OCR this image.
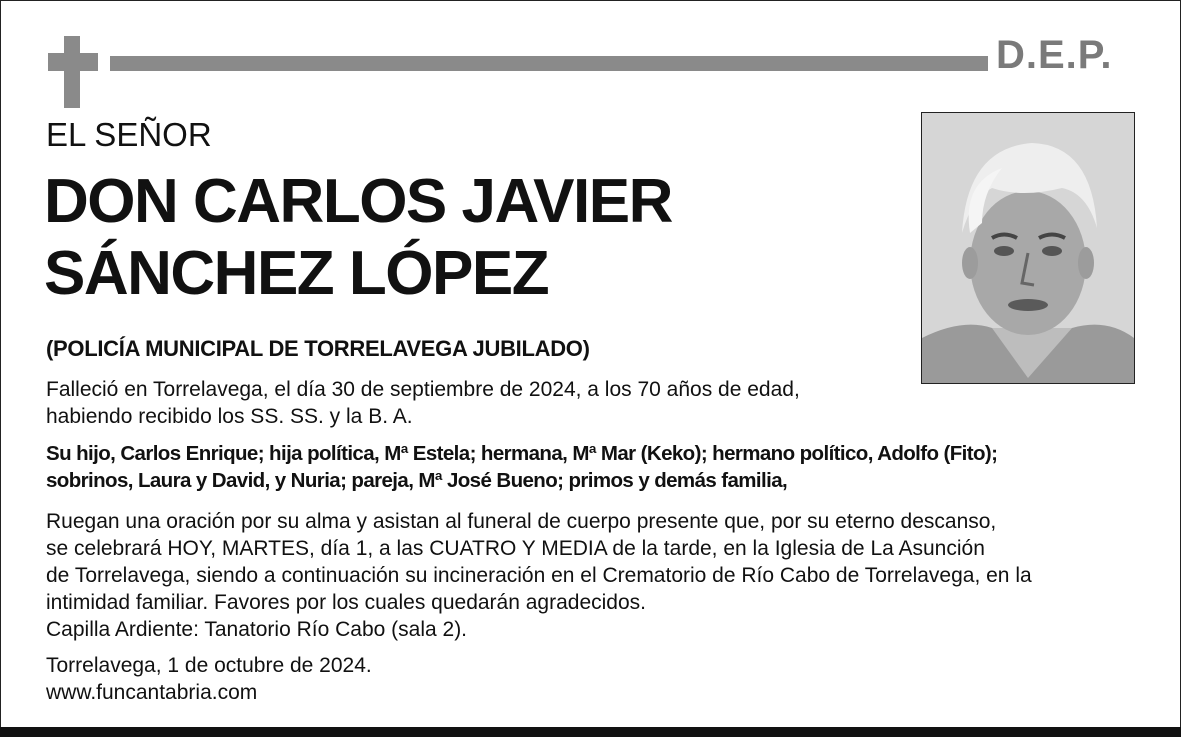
D.E.P.
EL SEÑOR
DON CARLOS JAVIER
SÁNCHEZ LÓPEZ
(POLICÍA MUNICIPAL DE TORRELAVEGA JUBILADO)
Falleció en Torrelavega, el día 30 de septiembre de 2024, a los 70 años de edad,
habiendo recibido los SS. SS. y la B. A.
Su hijo, Carlos Enrique; hija política, Mª Estela; hermana, Mª Mar (Keko); hermano político, Adolfo (Fito);
sobrinos, Laura y David, y Nuria; pareja, Mª José Bueno; primos y demás familia,
Ruegan una oración por su alma y asistan al funeral de cuerpo presente que, por su eterno descanso,
se celebrará HOY, MARTES, día 1, a las CUATRO Y MEDIA de la tarde, en la Iglesia de La Asunción
de Torrelavega, siendo a continuación su incineración en el Crematorio de Río Cabo de Torrelavega, en la
intimidad familiar. Favores por los cuales quedarán agradecidos.
Capilla Ardiente: Tanatorio Río Cabo (sala 2).
Torrelavega, 1 de octubre de 2024.
www.funcantabria.com
